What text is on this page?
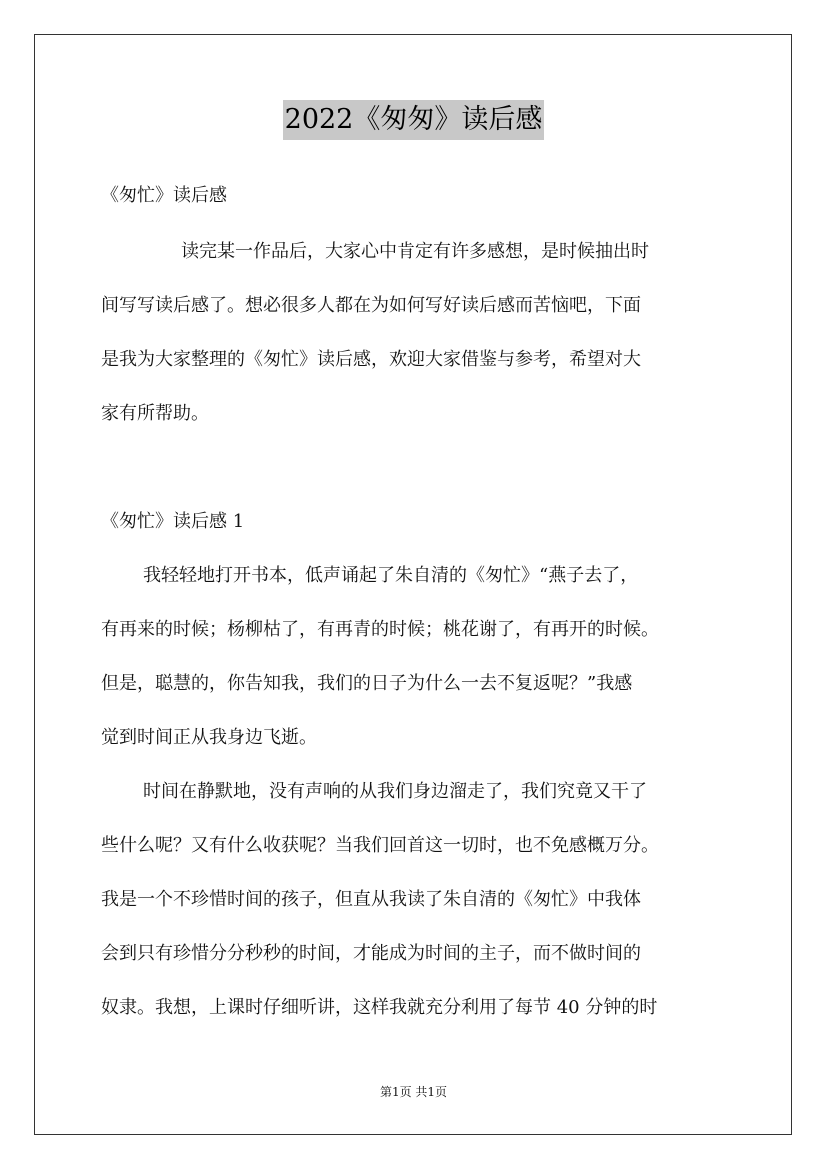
2022《匆匆》读后感
《匆忙》读后感
读完某一作品后，大家心中肯定有许多感想，是时候抽出时
间写写读后感了。想必很多人都在为如何写好读后感而苦恼吧，下面
是我为大家整理的《匆忙》读后感，欢迎大家借鉴与参考，希望对大
家有所帮助。
《匆忙》读后感 1
我轻轻地打开书本，低声诵起了朱自清的《匆忙》“燕子去了，
有再来的时候；杨柳枯了，有再青的时候；桃花谢了，有再开的时候。
但是，聪慧的，你告知我，我们的日子为什么一去不复返呢？”我感
觉到时间正从我身边飞逝。
时间在静默地，没有声响的从我们身边溜走了，我们究竟又干了
些什么呢？又有什么收获呢？当我们回首这一切时，也不免感概万分。
我是一个不珍惜时间的孩子，但直从我读了朱自清的《匆忙》中我体
会到只有珍惜分分秒秒的时间，才能成为时间的主子，而不做时间的
奴隶。我想，上课时仔细听讲，这样我就充分利用了每节 40 分钟的时
第1页 共1页
